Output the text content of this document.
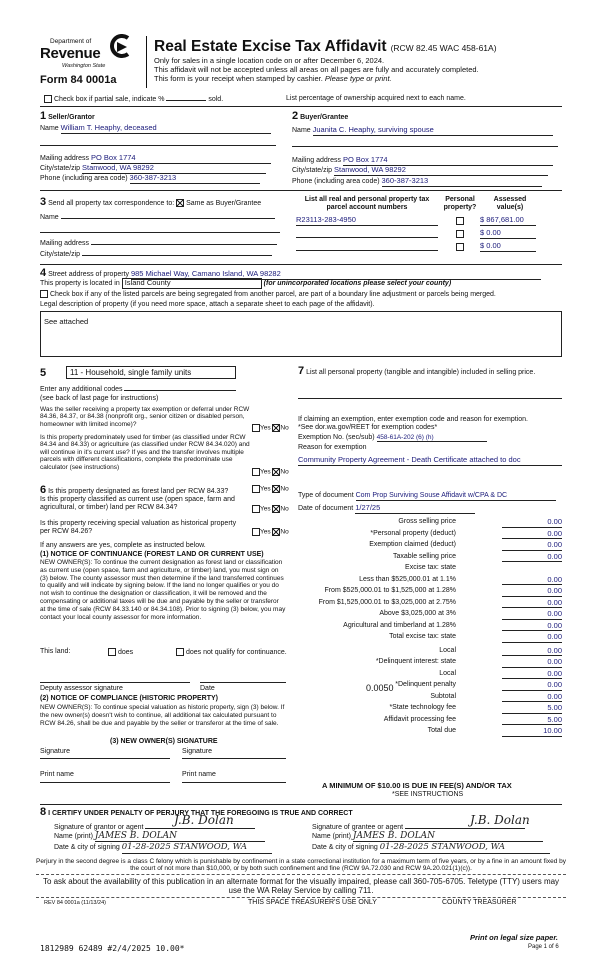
Department of
Revenue
Washington State
Form 84 0001a
Real Estate Excise Tax Affidavit (RCW 82.45 WAC 458-61A)
Only for sales in a single location code on or after December 6, 2024.
This affidavit will not be accepted unless all areas on all pages are fully and accurately completed.
This form is your receipt when stamped by cashier. Please type or print.
Check box if partial sale, indicate %	sold.	List percentage of ownership acquired next to each name.
1 Seller/Grantor
Name William T. Heaphy, deceased
Mailing address PO Box 1774
City/state/zip Stanwood, WA 98292
Phone (including area code) 360-387-3213
2 Buyer/Grantee
Name Juanita C. Heaphy, surviving spouse
Mailing address PO Box 1774
City/state/zip Stanwood, WA 98292
Phone (including area code) 360-387-3213
3 Send all property tax correspondence to: Same as Buyer/Grantee
Name
Mailing address
City/state/zip
List all real and personal property tax parcel account numbers
Personal property?
Assessed value(s)
R23113-283-4950	$ 867,681.00
$ 0.00
$ 0.00
4 Street address of property 985 Michael Way, Camano Island, WA 98282
This property is located in Island County	(for unincorporated locations please select your county)
Check box if any of the listed parcels are being segregated from another parcel, are part of a boundary line adjustment or parcels being merged.
Legal description of property (if you need more space, attach a separate sheet to each page of the affidavit).
See attached
5	11 - Household, single family units
Enter any additional codes
(see back of last page for instructions)
Was the seller receiving a property tax exemption or deferral under RCW 84.36, 84.37, or 84.38 (nonprofit org., senior citizen or disabled person, homeowner with limited income)?
Yes No
Is this property predominately used for timber (as classified under RCW 84.34 and 84.33) or agriculture (as classified under RCW 84.34.020) and will continue in it's current use? If yes and the transfer involves multiple parcels with different classifications, complete the predominate use calculator (see instructions)
Yes No
6 Is this property designated as forest land per RCW 84.33?	Yes No
Is this property classified as current use (open space, farm and agricultural, or timber) land per RCW 84.34?	Yes No
Is this property receiving special valuation as historical property per RCW 84.26?	Yes No
If any answers are yes, complete as instructed below.
(1) NOTICE OF CONTINUANCE (FOREST LAND OR CURRENT USE)
NEW OWNER(S): To continue the current designation as forest land or classification as current use (open space, farm and agriculture, or timber) land, you must sign on (3) below. The county assessor must then determine if the land transferred continues to qualify and will indicate by signing below. If the land no longer qualifies or you do not wish to continue the designation or classification, it will be removed and the compensating or additional taxes will be due and payable by the seller or transferor at the time of sale (RCW 84.33.140 or 84.34.108). Prior to signing (3) below, you may contact your local county assessor for more information.
This land:	does	does not qualify for continuance.
Deputy assessor signature	Date
(2) NOTICE OF COMPLIANCE (HISTORIC PROPERTY)
NEW OWNER(S): To continue special valuation as historic property, sign (3) below. If the new owner(s) doesn't wish to continue, all additional tax calculated pursuant to RCW 84.26, shall be due and payable by the seller or transferor at the time of sale.
(3) NEW OWNER(S) SIGNATURE
Signature	Signature
Print name	Print name
7 List all personal property (tangible and intangible) included in selling price.
If claiming an exemption, enter exemption code and reason for exemption. *See dor.wa.gov/REET for exemption codes*
Exemption No. (sec/sub) 458-61A-202 (6) (h)
Reason for exemption
Community Property Agreement - Death Certificate attached to doc
Type of document Com Prop Surviving Souse Affidavit w/CPA & DC
Date of document 1/27/25
Gross selling price	0.00
*Personal property (deduct)	0.00
Exemption claimed (deduct)	0.00
Taxable selling price	0.00
Excise tax: state
Less than $525,000.01 at 1.1%	0.00
From $525,000.01 to $1,525,000 at 1.28%	0.00
From $1,525,000.01 to $3,025,000 at 2.75%	0.00
Above $3,025,000 at 3%	0.00
Agricultural and timberland at 1.28%	0.00
Total excise tax: state	0.00
Local	0.00
*Delinquent interest: state	0.00
Local	0.00
*Delinquent penalty	0.00
Subtotal	0.00
*State technology fee	5.00
Affidavit processing fee	5.00
Total due	10.00
0.0050
A MINIMUM OF $10.00 IS DUE IN FEE(S) AND/OR TAX
*SEE INSTRUCTIONS
8 I CERTIFY UNDER PENALTY OF PERJURY THAT THE FOREGOING IS TRUE AND CORRECT
Signature of grantor or agent
J.B. Dolan
Name (print) JAMES B. DOLAN
Date & city of signing 01-28-2025 STANWOOD, WA
Signature of grantee or agent
J.B. Dolan
Name (print) JAMES B. DOLAN
Date & city of signing 01-28-2025 STANWOOD, WA
Perjury in the second degree is a class C felony which is punishable by confinement in a state correctional institution for a maximum term of five years, or by a fine in an amount fixed by the court of not more than $10,000, or by both such confinement and fine (RCW 9A.72.030 and RCW 9A.20.021(1)(c)).
To ask about the availability of this publication in an alternate format for the visually impaired, please call 360-705-6705. Teletype (TTY) users may use the WA Relay Service by calling 711.
REV 84 0001a (11/13/24)	THIS SPACE TREASURER'S USE ONLY	COUNTY TREASURER
Print on legal size paper.
Page 1 of 6
1812989 62489 #2/4/2025 10.00*
